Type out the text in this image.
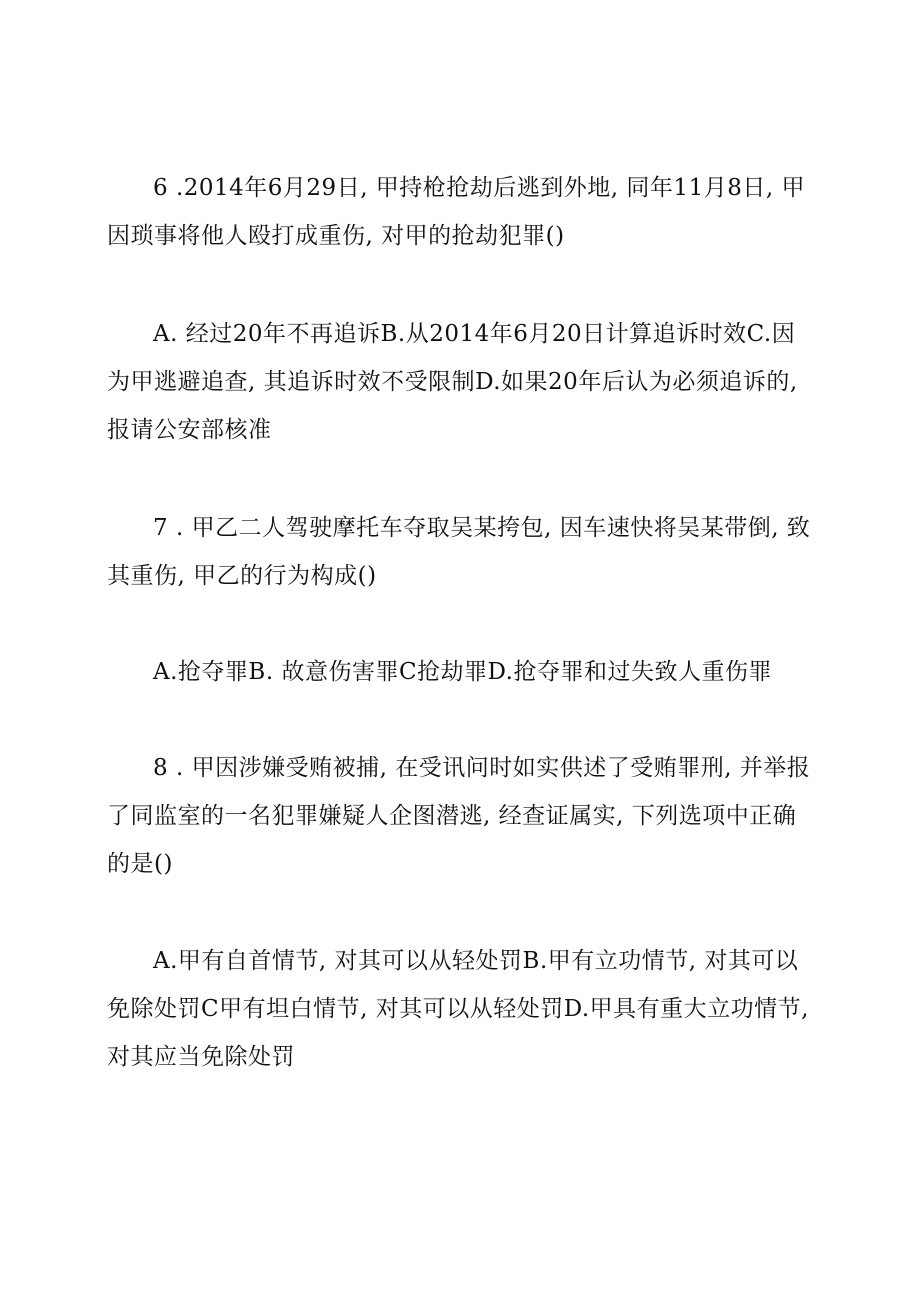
6 .2014年6月29日, 甲持枪抢劫后逃到外地, 同年11月8日, 甲因琐事将他人殴打成重伤, 对甲的抢劫犯罪()

A. 经过20年不再追诉B.从2014年6月20日计算追诉时效C.因为甲逃避追查, 其追诉时效不受限制D.如果20年后认为必须追诉的, 报请公安部核准

7 . 甲乙二人驾驶摩托车夺取吴某挎包, 因车速快将吴某带倒, 致其重伤, 甲乙的行为构成()

A.抢夺罪B. 故意伤害罪C抢劫罪D.抢夺罪和过失致人重伤罪

8 . 甲因涉嫌受贿被捕, 在受讯问时如实供述了受贿罪刑, 并举报了同监室的一名犯罪嫌疑人企图潜逃, 经查证属实, 下列选项中正确的是()

A.甲有自首情节, 对其可以从轻处罚B.甲有立功情节, 对其可以免除处罚C甲有坦白情节, 对其可以从轻处罚D.甲具有重大立功情节, 对其应当免除处罚
